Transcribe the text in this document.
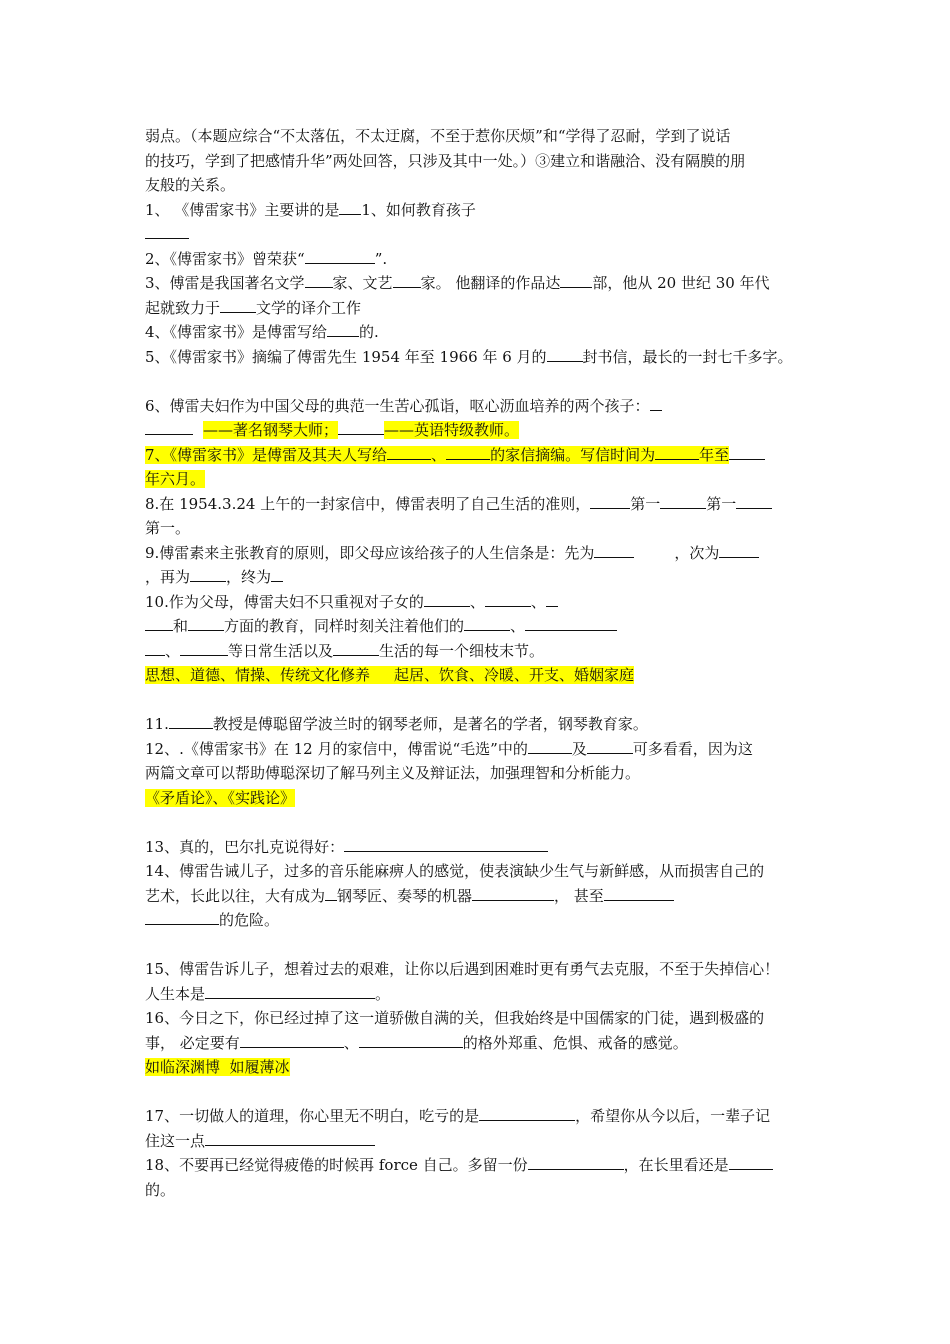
弱点。（本题应综合“不太落伍，不太迂腐，不至于惹你厌烦”和“学得了忍耐，学到了说话
的技巧，学到了把感情升华”两处回答，只涉及其中一处。）③建立和谐融洽、没有隔膜的朋
友般的关系。
1、 《傅雷家书》主要讲的是 1、如何教育孩子
2、《傅雷家书》曾荣获“	”.
3、傅雷是我国著名文学 家、文艺 家。 他翻译的作品达 部，他从 20 世纪 30 年代
起就致力于 文学的译介工作
4、《傅雷家书》是傅雷写给 的.
5、《傅雷家书》摘编了傅雷先生 1954 年至 1966 年 6 月的 封书信，最长的一封七千多字。
6、傅雷夫妇作为中国父母的典范一生苦心孤诣，呕心沥血培养的两个孩子：
——著名钢琴大师；	——英语特级教师。
7、《傅雷家书》是傅雷及其夫人写给	、	的家信摘编。写信时间为	年至
年六月。
8.在 1954.3.24 上午的一封家信中，傅雷表明了自己生活的准则，	第一	第一
第一。
9.傅雷素来主张教育的原则，即父母应该给孩子的人生信条是：先为	，次为
，再为 ，终为
10.作为父母，傅雷夫妇不只重视对子女的	、	、
和 方面的教育，同样时刻关注着他们的	、
、	等日常生活以及	生活的每一个细枝末节。
思想、道德、情操、传统文化修养 起居、饮食、冷暖、开支、婚姻家庭
11.	教授是傅聪留学波兰时的钢琴老师，是著名的学者，钢琴教育家。
12、.《傅雷家书》在 12 月的家信中，傅雷说“毛选”中的	及	可多看看，因为这
两篇文章可以帮助傅聪深切了解马列主义及辩证法，加强理智和分析能力。
《矛盾论》、《实践论》
13、真的，巴尔扎克说得好：
14、傅雷告诫儿子，过多的音乐能麻痹人的感觉，使表演缺少生气与新鲜感，从而损害自己的
艺术，长此以往，大有成为 钢琴匠、奏琴的机器	， 甚至
的危险。
15、傅雷告诉儿子，想着过去的艰难，让你以后遇到困难时更有勇气去克服，不至于失掉信心！
人生本是	。
16、今日之下，你已经过掉了这一道骄傲自满的关，但我始终是中国儒家的门徒，遇到极盛的
事， 必定要有	、	的格外郑重、危惧、戒备的感觉。
如临深渊博  如履薄冰
17、一切做人的道理，你心里无不明白，吃亏的是	，希望你从今以后，一辈子记
住这一点
18、不要再已经觉得疲倦的时候再 force 自己。多留一份	，在长里看还是
的。
